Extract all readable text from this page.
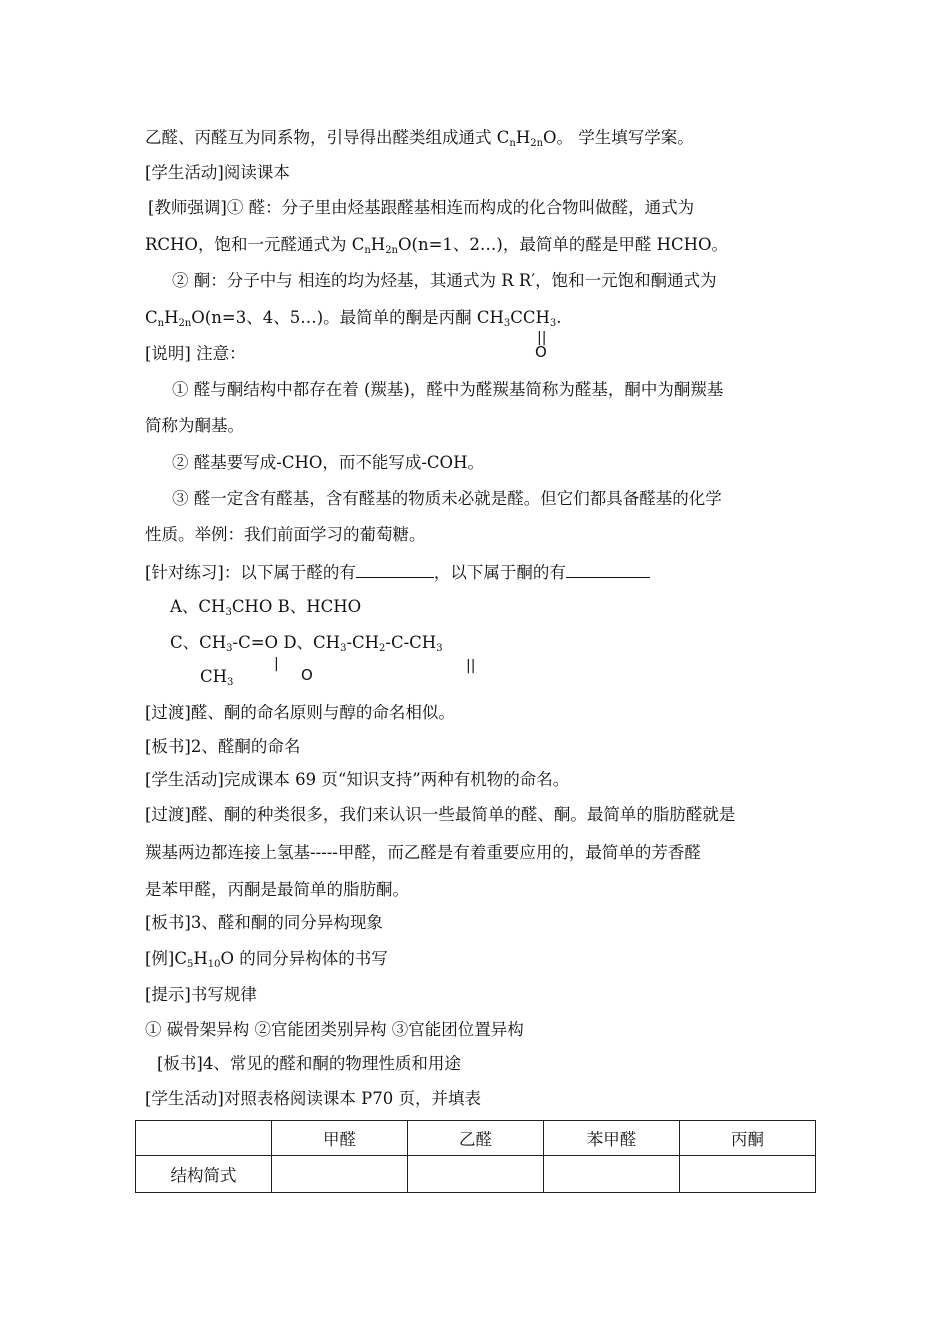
乙醛、丙醛互为同系物，引导得出醛类组成通式 $C_nH_{2n}O$。 学生填写学案。
[学生活动]阅读课本
[教师强调]① 醛：分子里由烃基跟醛基相连而构成的化合物叫做醛，通式为
RCHO，饱和一元醛通式为 $C_nH_{2n}O(n=1$、2…)，最简单的醛是甲醛 HCHO。
② 酮：分子中与 相连的均为烃基，其通式为 R R′，饱和一元饱和酮通式为
$C_nH_{2n}O(n=3$、4、5…)。最简单的酮是丙酮 $CH_3CCH_3$.
||
O
[说明] 注意：
① 醛与酮结构中都存在着 (羰基)，醛中为醛羰基简称为醛基，酮中为酮羰基
简称为酮基。
② 醛基要写成-CHO，而不能写成-COH。
③ 醛一定含有醛基，含有醛基的物质未必就是醛。但它们都具备醛基的化学
性质。举例：我们前面学习的葡萄糖。
[针对练习]：以下属于醛的有	，以下属于酮的有
A、$CH_3CHO$ B、HCHO
C、$CH_3-C=O$ D、$CH_3-CH_2-C-CH_3$
$CH_3$
|
O	||
[过渡]醛、酮的命名原则与醇的命名相似。
[板书]2、醛酮的命名
[学生活动]完成课本 69 页“知识支持”两种有机物的命名。
[过渡]醛、酮的种类很多，我们来认识一些最简单的醛、酮。最简单的脂肪醛就是
羰基两边都连接上氢基-----甲醛，而乙醛是有着重要应用的，最简单的芳香醛
是苯甲醛，丙酮是最简单的脂肪酮。
[板书]3、醛和酮的同分异构现象
[例]$C_5H_{10}O$ 的同分异构体的书写
[提示]书写规律
① 碳骨架异构 ②官能团类别异构 ③官能团位置异构
[板书]4、常见的醛和酮的物理性质和用途
[学生活动]对照表格阅读课本 P70 页，并填表
	甲醛	乙醛	苯甲醛	丙酮
结构简式				
